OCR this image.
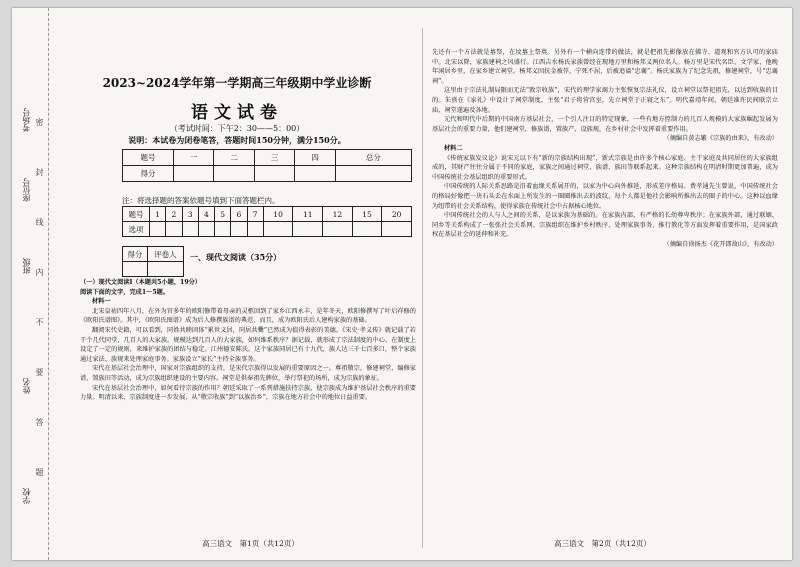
学校
姓名
班级
座位号
考场号 密
封
线
内
不
要
答
题
2023~2024学年第一学期高三年级期中学业诊断
语文试卷
（考试时间：下午2：30——5：00）
说明：本试卷为闭卷笔答，答题时间150分钟，满分150分。
题号	一	二	三	四	总分
得分					
注：将选择题的答案依题号填到下面答题栏内。
题号	1	2	3	4	5	6	7	10	11	12	15	20
选项												
得分	评卷人
	一、现代文阅读（35分）
（一）现代文阅读Ⅰ（本题共5小题，19分）
阅读下面的文字，完成1～5题。
材料一

北宋皇祐四年八月，在外为官多年的欧阳修带着母亲的灵柩回到了家乡江西永丰，是年冬天，欧阳修撰写了叶启祥修的《欧阳氏谱图》。其中，《欧阳氏图谱》成为后人修撰族谱的典范，而且，成为欧阳氏后人建构家族的基础。

翻阅宋代史籍，可以看到，同姓共睦固体“累世义居，同居共爨”已然成为值得表彰的美德。《宋史·孝义传》就记载了若干个几代同堂，几百人的大家族。规模达到几百人的大家族，如何维系秩序？据记载，就形成了宗法制度的中心、在制度上设定了一定的规则，来维护家族的团结与稳定。江州德安陈氏，这个家族同居已有十九代，族人达三千七百多口，整个家族通过家法、族规来处理家庭事务。家族设立“家长”主持全族事务。

宋代在基层社会治理中，国家对宗族组织的支持，是宋代宗族得以发展的重要原因之一。尊祖敬宗，修建祠堂，编修家谱，置族田等活动，成为宗族组织建设的主要内容。祠堂是供奉祖先牌位，举行祭祀的场所，成为宗族的象征。

宋代在基层社会治理中，如何看待宗族的作用？朝廷采取了一系列措施扶持宗族，使宗族成为维护基层社会秩序的重要力量。明清以来，宗族制度进一步发展，从“敬宗收族”到“以族治乡”，宗族在地方社会中的地位日益重要。

高三语文　第1页（共12页）

先还有一个方法就是墓祭，在坟墓上祭奠。另外有一个横向连带的做法，就是把祖先影像放在佛寺、道观和官方认可的家庙中。北宋以降，家族建祠之风盛行。江西吉水杨氏家族曾经在现地万里和杨邦义两位名人。杨万里是宋代名臣、文学家，他晚年闲居乡里，在家乡建立祠堂。杨邦义因抗金被俘，宁死不屈，后被追谥“忠襄”。杨氏家族为了纪念先祖，修建祠堂，号“忠襄祠”。

这里由于宗法礼制局限而无法“敦宗收族”，宋代的理学家竭力主张恢复宗法礼仪，设立祠堂以祭祀祖先，以达到收族的目的。朱熹在《家礼》中设计了祠堂制度，主张“君子将营宫室，先立祠堂于正寝之东”。明代嘉靖年间，朝廷准许民间联宗立庙，祠堂遂遍及各地。

元代和明代中后期的中国南方基层社会，一个引人注目的特定现象，一些有地方控制力的几百人规模的大家族崛起发展为基层社会的重要力量，他们建祠堂，修族谱，置族产，设族规，在乡村社会中发挥着重要作用。

（摘编自黄志繁《宗族的由来》，有改动）
材料二

《传统家族发议论》说宋元以下有“新的宗族结构出现”，新式宗族是由许多个核心家庭、主干家庭及共同居住的大家族组成的，其财产往往分属于不同的家庭，家族之间通过祠堂、族谱、族田等联系起来。这种宗族结构在明清时期更加普遍，成为中国传统社会基层组织的重要形式。

中国传统的人际关系思路是沿着血缘关系展开的，以家为中心向外推延，形成差序格局。费孝通先生曾说，中国传统社会的格局好像把一块石头丢在水面上所发生的一圈圈推出去的波纹，每个人都是他社会影响所推出去的圈子的中心。这种以血缘为纽带的社会关系结构，使得家族在传统社会中占据核心地位。

中国传统社会的人与人之间的关系，是以家族为基础的。在家族内部，有严格的长幼尊卑秩序；在家族外部，通过联姻、同乡等关系构成了一张张社会关系网。宗族组织在维护乡村秩序、处理家族事务、推行教化等方面发挥着重要作用，是国家政权在基层社会的延伸和补充。

（摘编自徐扬杰《花开即故山》，有改动）
高三语文　第2页（共12页）
